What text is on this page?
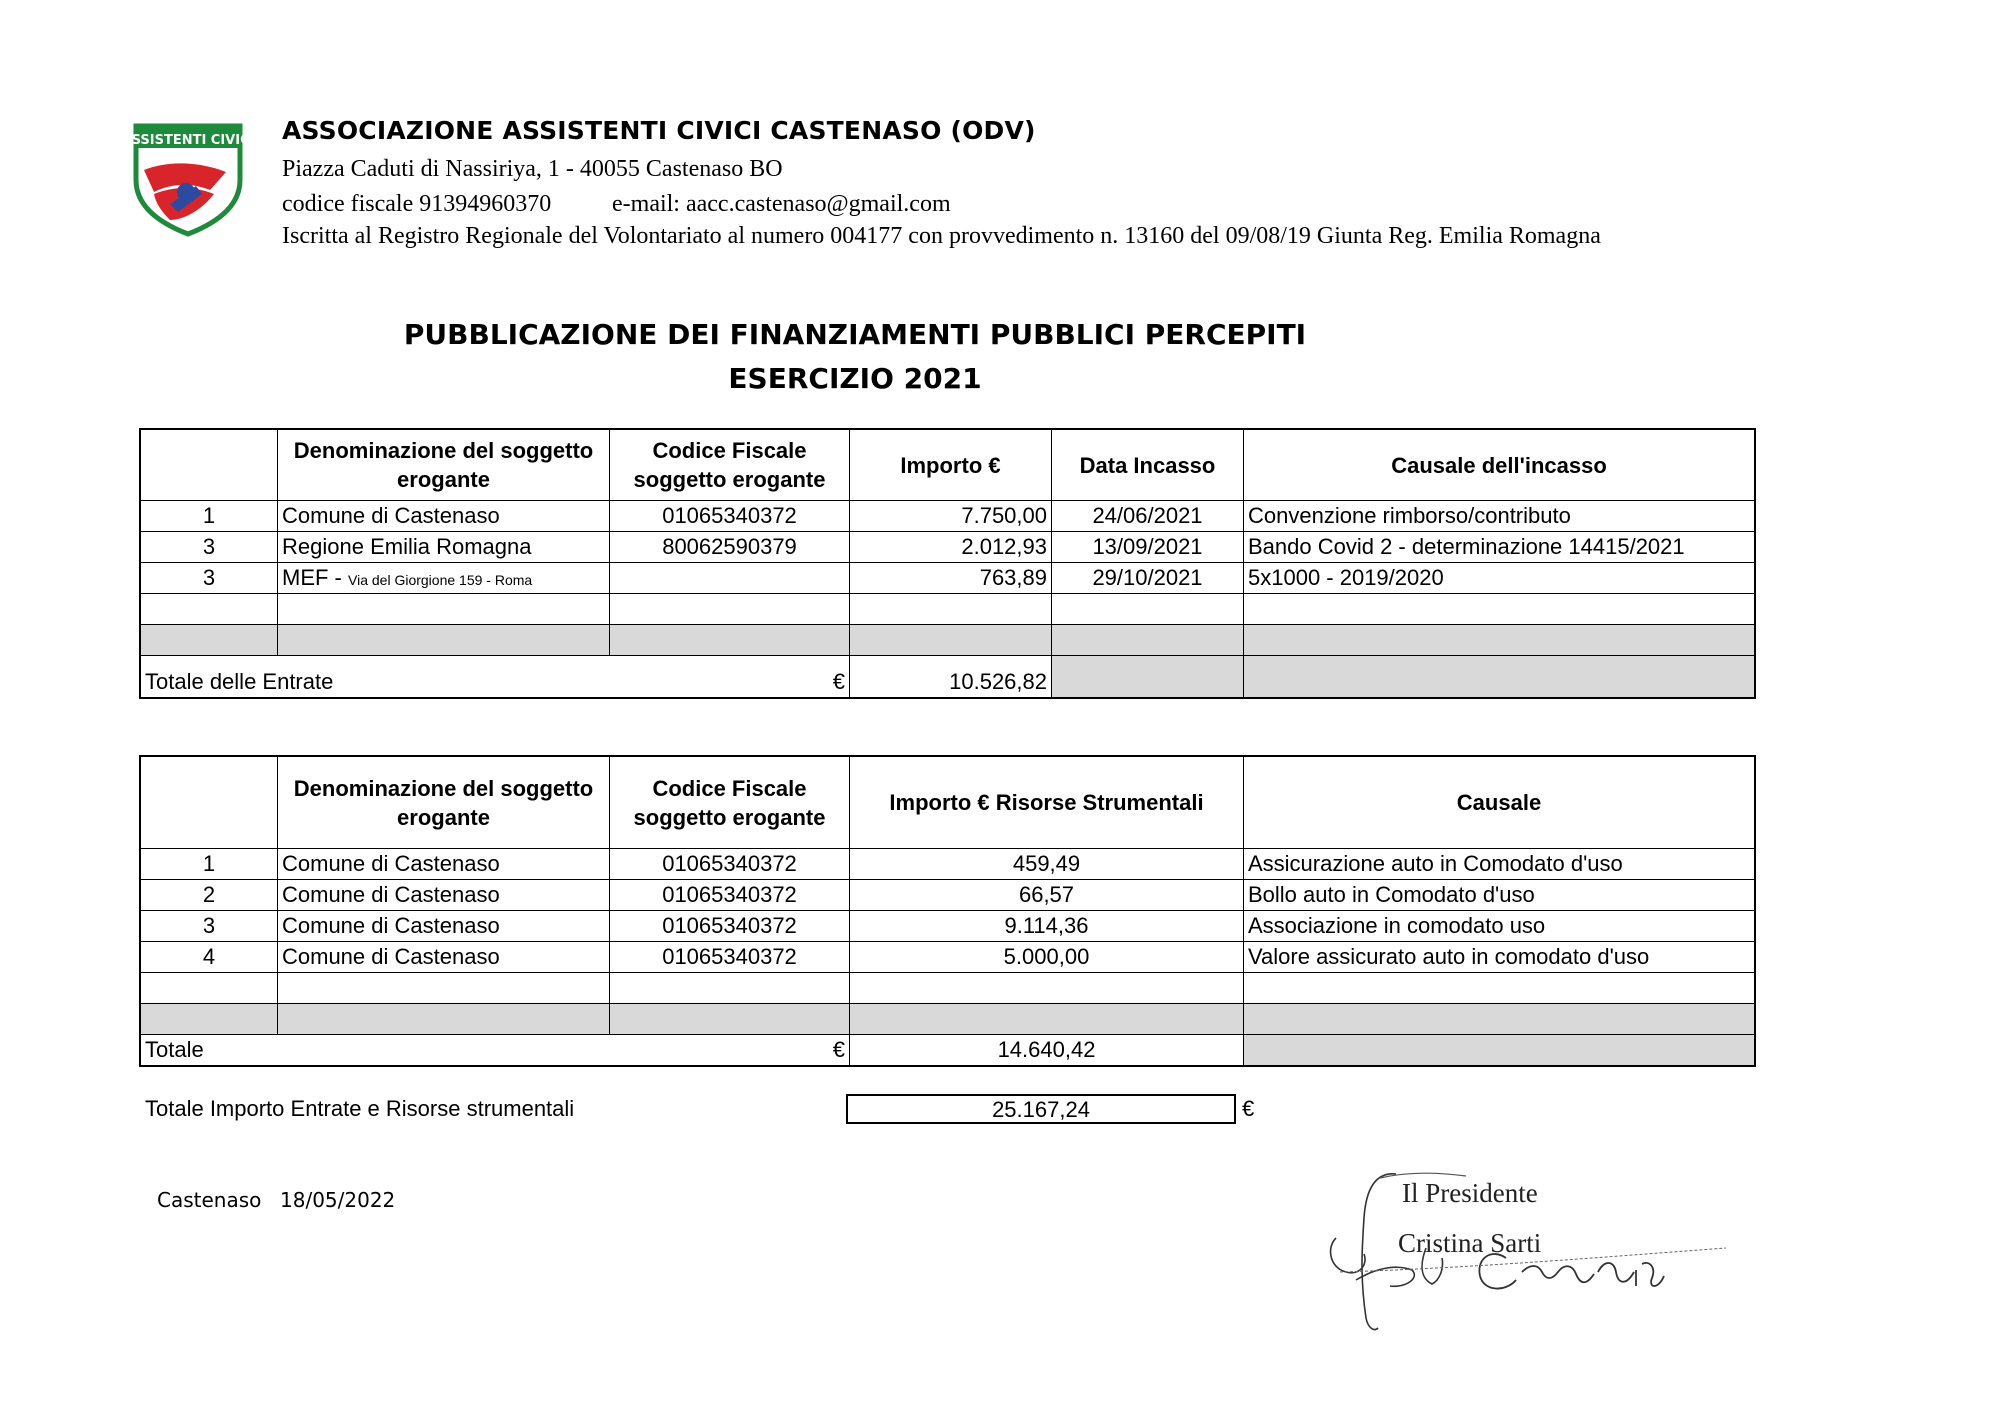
ASSISTENTI CIVICI ASSOCIAZIONE ASSISTENTI CIVICI CASTENASO (ODV)
Piazza Caduti di Nassiriya, 1 - 40055 Castenaso BO
codice fiscale 91394960370	e-mail: aacc.castenaso@gmail.com
Iscritta al Registro Regionale del Volontariato al numero 004177 con provvedimento n. 13160 del 09/08/19 Giunta Reg. Emilia Romagna
PUBBLICAZIONE DEI FINANZIAMENTI PUBBLICI PERCEPITI
ESERCIZIO 2021
	Denominazione del soggetto erogante	Codice Fiscale soggetto erogante	Importo €	Data Incasso	Causale dell'incasso
1	Comune di Castenaso	01065340372	7.750,00	24/06/2021	Convenzione rimborso/contributo
3	Regione Emilia Romagna	80062590379	2.012,93	13/09/2021	Bando Covid 2 - determinazione 14415/2021
3	MEF - Via del Giorgione 159 - Roma		763,89	29/10/2021	5x1000 - 2019/2020

Totale delle Entrate €			10.526,82		
	Denominazione del soggetto erogante	Codice Fiscale soggetto erogante	Importo € Risorse Strumentali	Causale
1	Comune di Castenaso	01065340372	459,49	Assicurazione auto in Comodato d'uso
2	Comune di Castenaso	01065340372	66,57	Bollo auto in Comodato d'uso
3	Comune di Castenaso	01065340372	9.114,36	Associazione in comodato uso
4	Comune di Castenaso	01065340372	5.000,00	Valore assicurato auto in comodato d'uso

Totale €			14.640,42	
Totale Importo Entrate e Risorse strumentali	25.167,24	€
Castenaso 18/05/2022	Il Presidente
Cristina Sarti
